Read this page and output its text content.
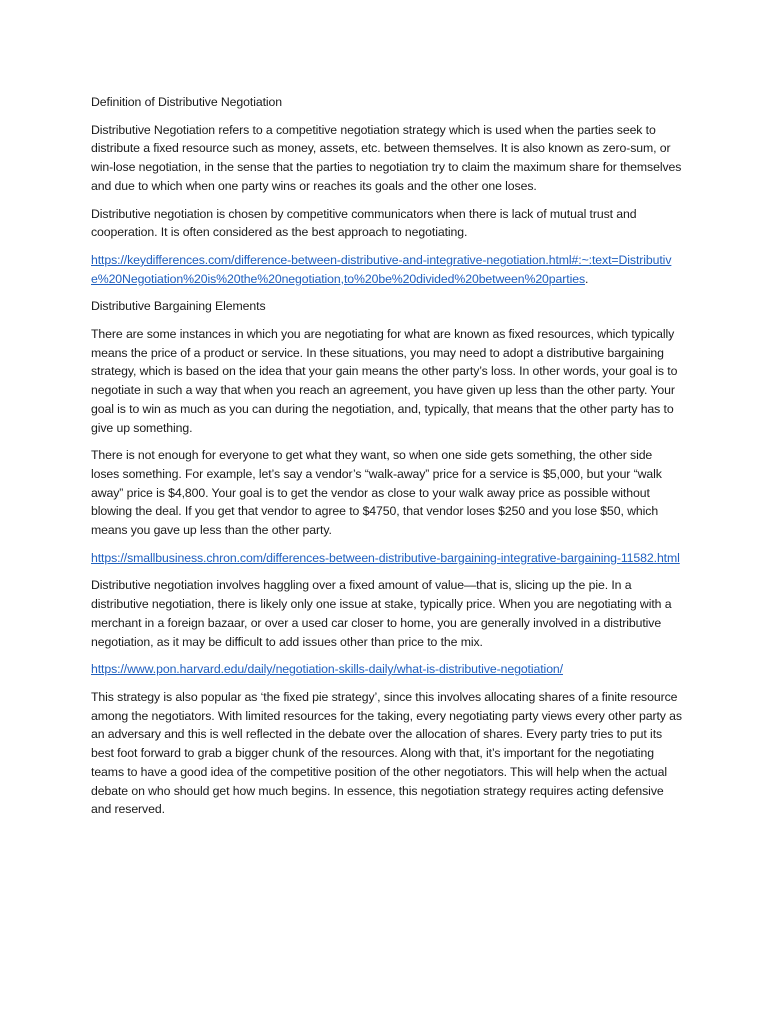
Definition of Distributive Negotiation

Distributive Negotiation refers to a competitive negotiation strategy which is used when the parties seek to distribute a fixed resource such as money, assets, etc. between themselves. It is also known as zero-sum, or win-lose negotiation, in the sense that the parties to negotiation try to claim the maximum share for themselves and due to which when one party wins or reaches its goals and the other one loses.

Distributive negotiation is chosen by competitive communicators when there is lack of mutual trust and cooperation. It is often considered as the best approach to negotiating.

https://keydifferences.com/difference-between-distributive-and-integrative-negotiation.html#:~:text=Distributive%20Negotiation%20is%20the%20negotiation,to%20be%20divided%20between%20parties.

Distributive Bargaining Elements

There are some instances in which you are negotiating for what are known as fixed resources, which typically means the price of a product or service. In these situations, you may need to adopt a distributive bargaining strategy, which is based on the idea that your gain means the other party’s loss. In other words, your goal is to negotiate in such a way that when you reach an agreement, you have given up less than the other party. Your goal is to win as much as you can during the negotiation, and, typically, that means that the other party has to give up something.

There is not enough for everyone to get what they want, so when one side gets something, the other side loses something. For example, let’s say a vendor’s “walk-away” price for a service is $5,000, but your “walk away” price is $4,800. Your goal is to get the vendor as close to your walk away price as possible without blowing the deal. If you get that vendor to agree to $4750, that vendor loses $250 and you lose $50, which means you gave up less than the other party.

https://smallbusiness.chron.com/differences-between-distributive-bargaining-integrative-bargaining-11582.html

Distributive negotiation involves haggling over a fixed amount of value—that is, slicing up the pie. In a distributive negotiation, there is likely only one issue at stake, typically price. When you are negotiating with a merchant in a foreign bazaar, or over a used car closer to home, you are generally involved in a distributive negotiation, as it may be difficult to add issues other than price to the mix.

https://www.pon.harvard.edu/daily/negotiation-skills-daily/what-is-distributive-negotiation/

This strategy is also popular as ‘the fixed pie strategy’, since this involves allocating shares of a finite resource among the negotiators. With limited resources for the taking, every negotiating party views every other party as an adversary and this is well reflected in the debate over the allocation of shares. Every party tries to put its best foot forward to grab a bigger chunk of the resources. Along with that, it’s important for the negotiating teams to have a good idea of the competitive position of the other negotiators. This will help when the actual debate on who should get how much begins. In essence, this negotiation strategy requires acting defensive and reserved.
